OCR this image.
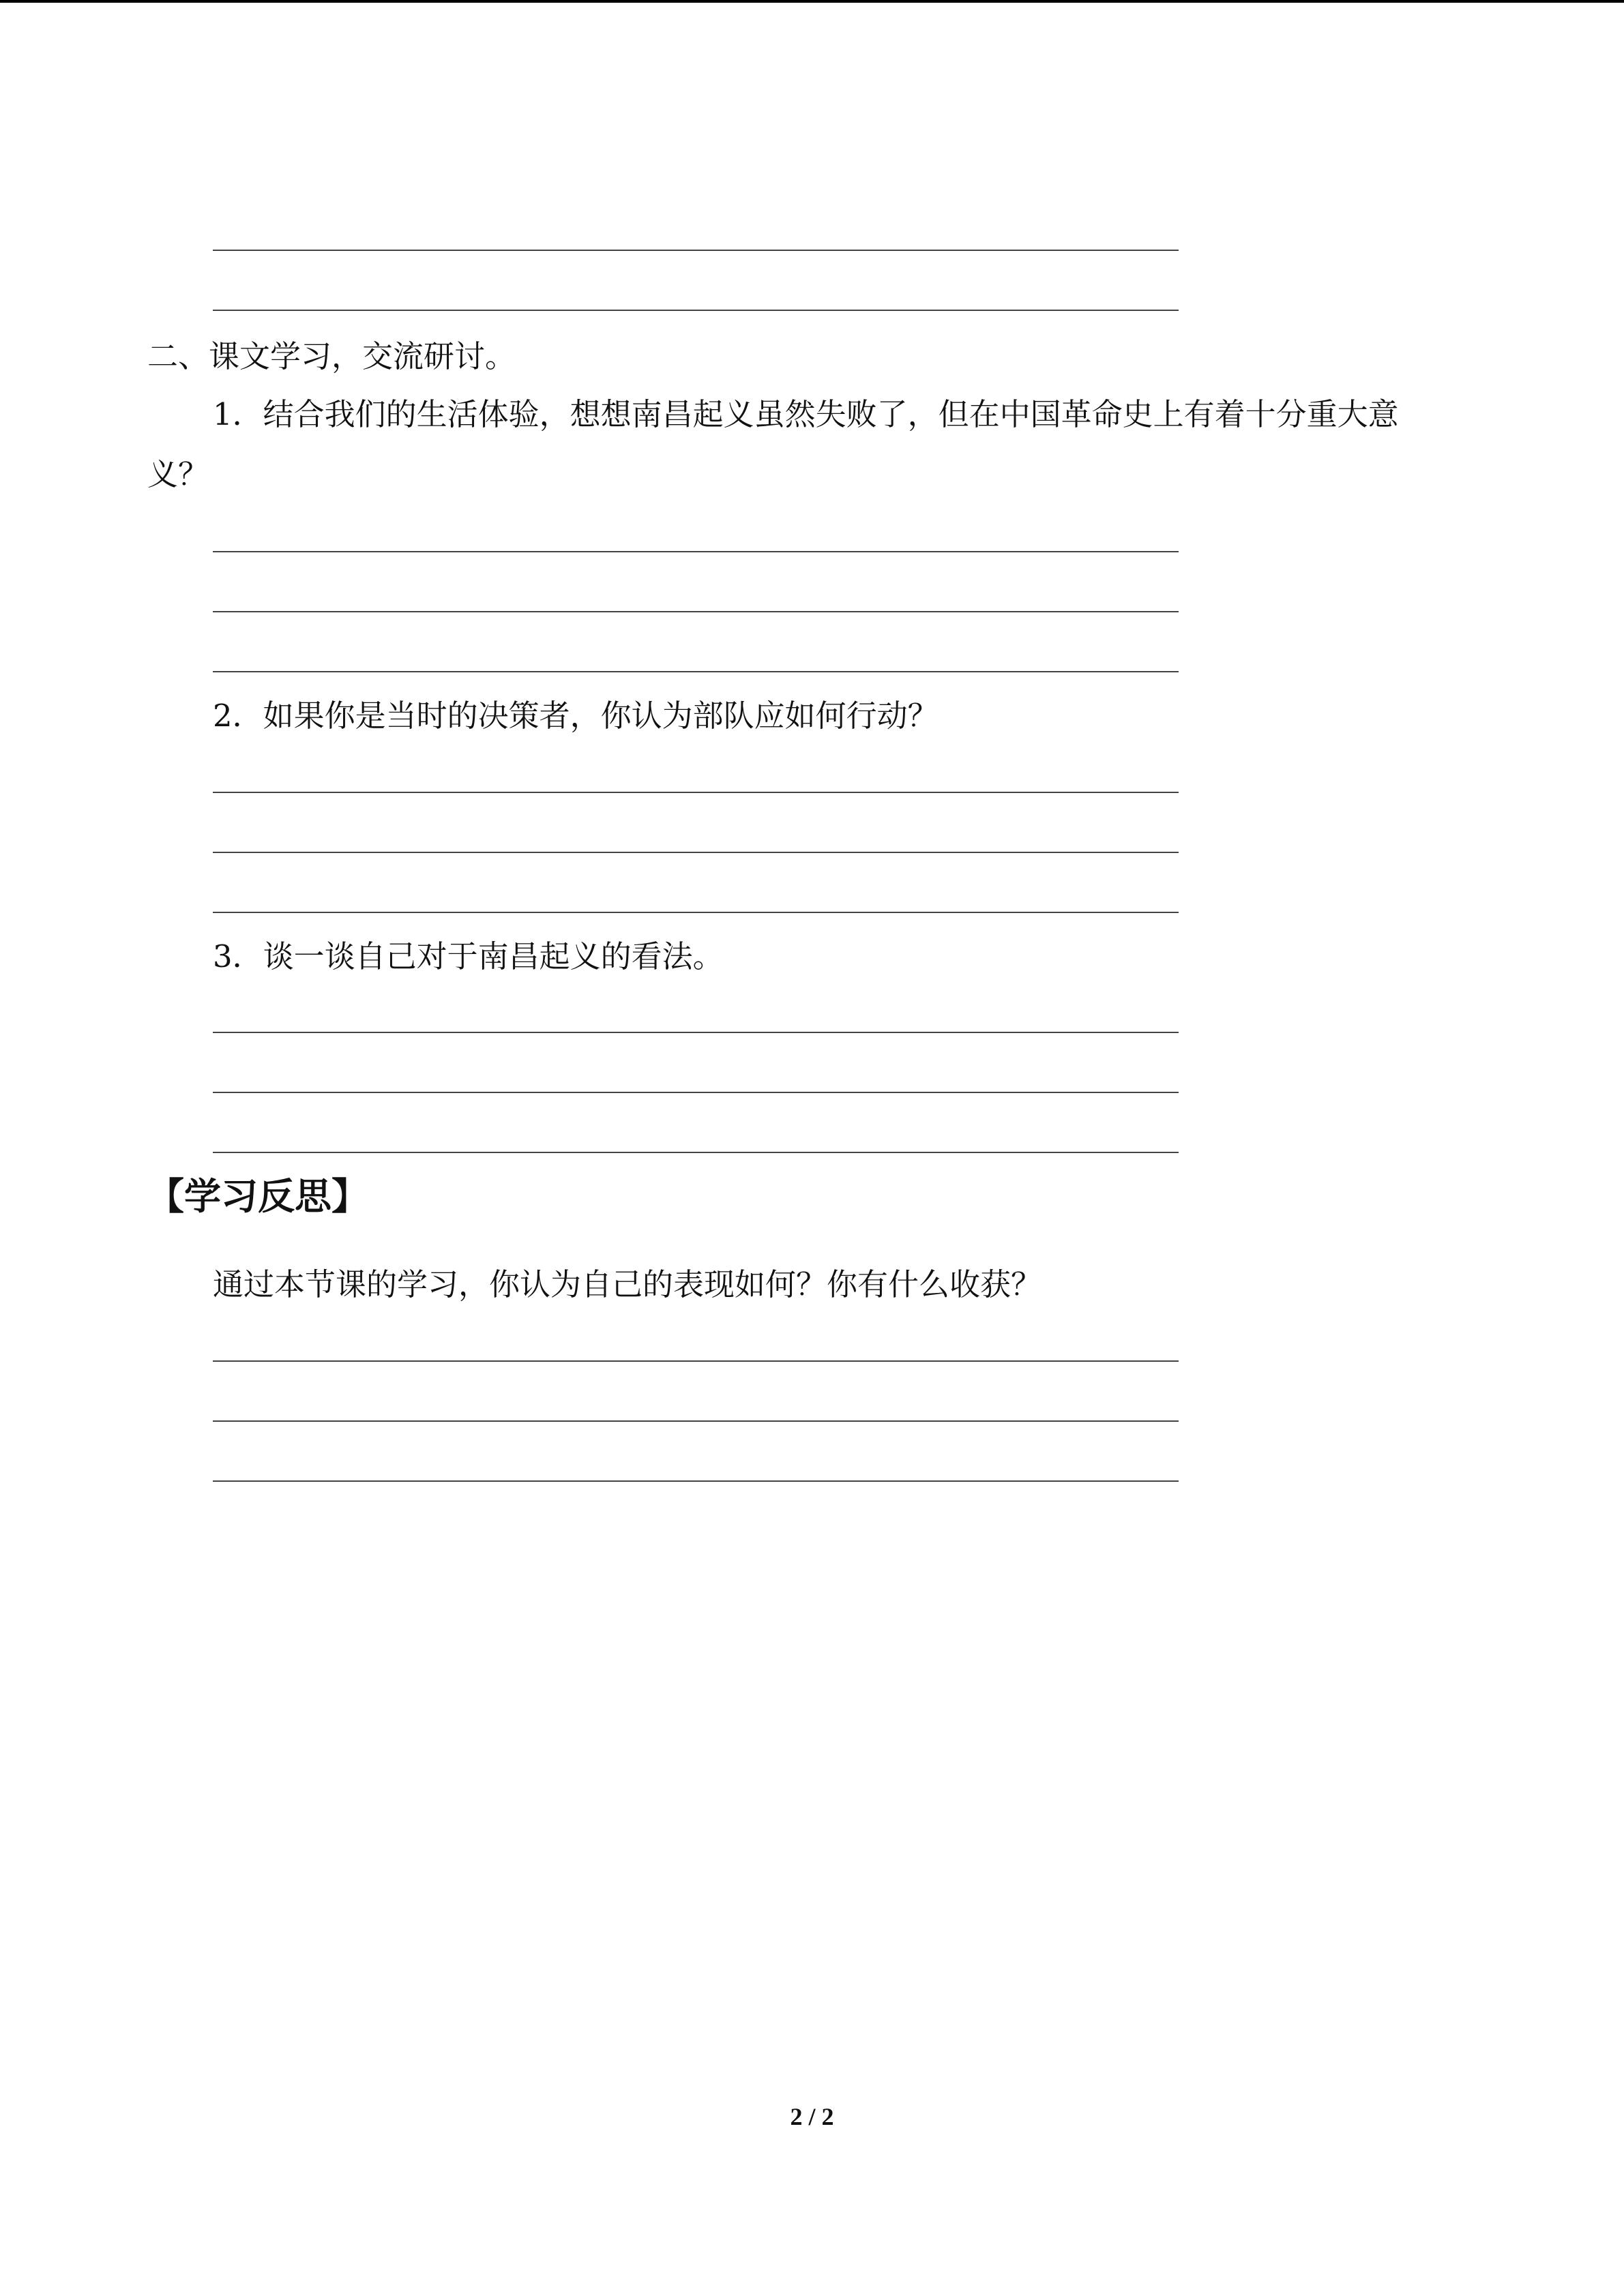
二、课文学习，交流研讨。
1．结合我们的生活体验，想想南昌起义虽然失败了，但在中国革命史上有着十分重大意
义？
2．如果你是当时的决策者，你认为部队应如何行动？
3．谈一谈自己对于南昌起义的看法。
【学习反思】
通过本节课的学习，你认为自己的表现如何？你有什么收获？
2 / 2
